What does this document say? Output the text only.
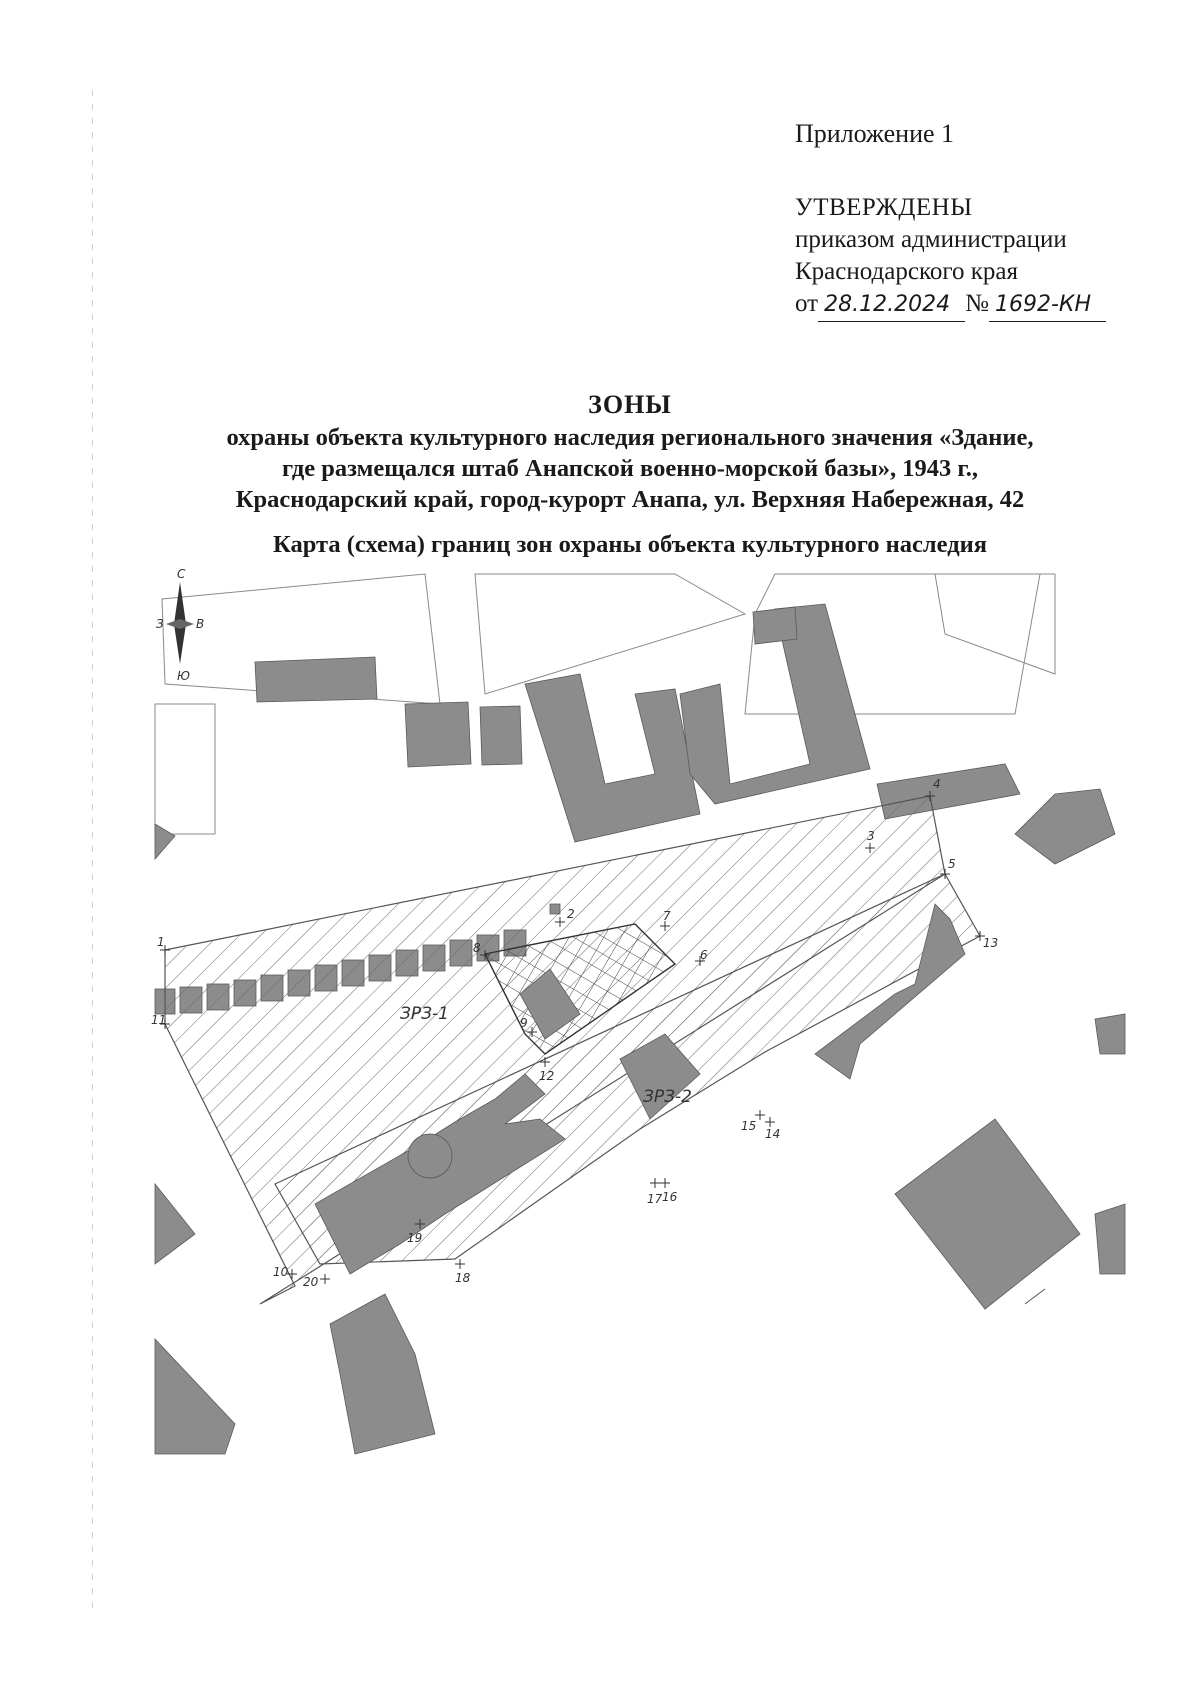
Приложение 1
УТВЕРЖДЕНЫ
приказом администрации
Краснодарского края
от 28.12.2024 № 1692-КН
ЗОНЫ
охраны объекта культурного наследия регионального значения «Здание,
где размещался штаб Анапской военно-морской базы», 1943 г.,
Краснодарский край, город-курорт Анапа, ул. Верхняя Набережная, 42
Карта (схема) границ зон охраны объекта культурного наследия
С
Ю
З	В
ЗРЗ-1
ЗРЗ-2
1
2
3
4
5
6
7
8
9
10
11
12
13
14
15
16
17
18
19
20
